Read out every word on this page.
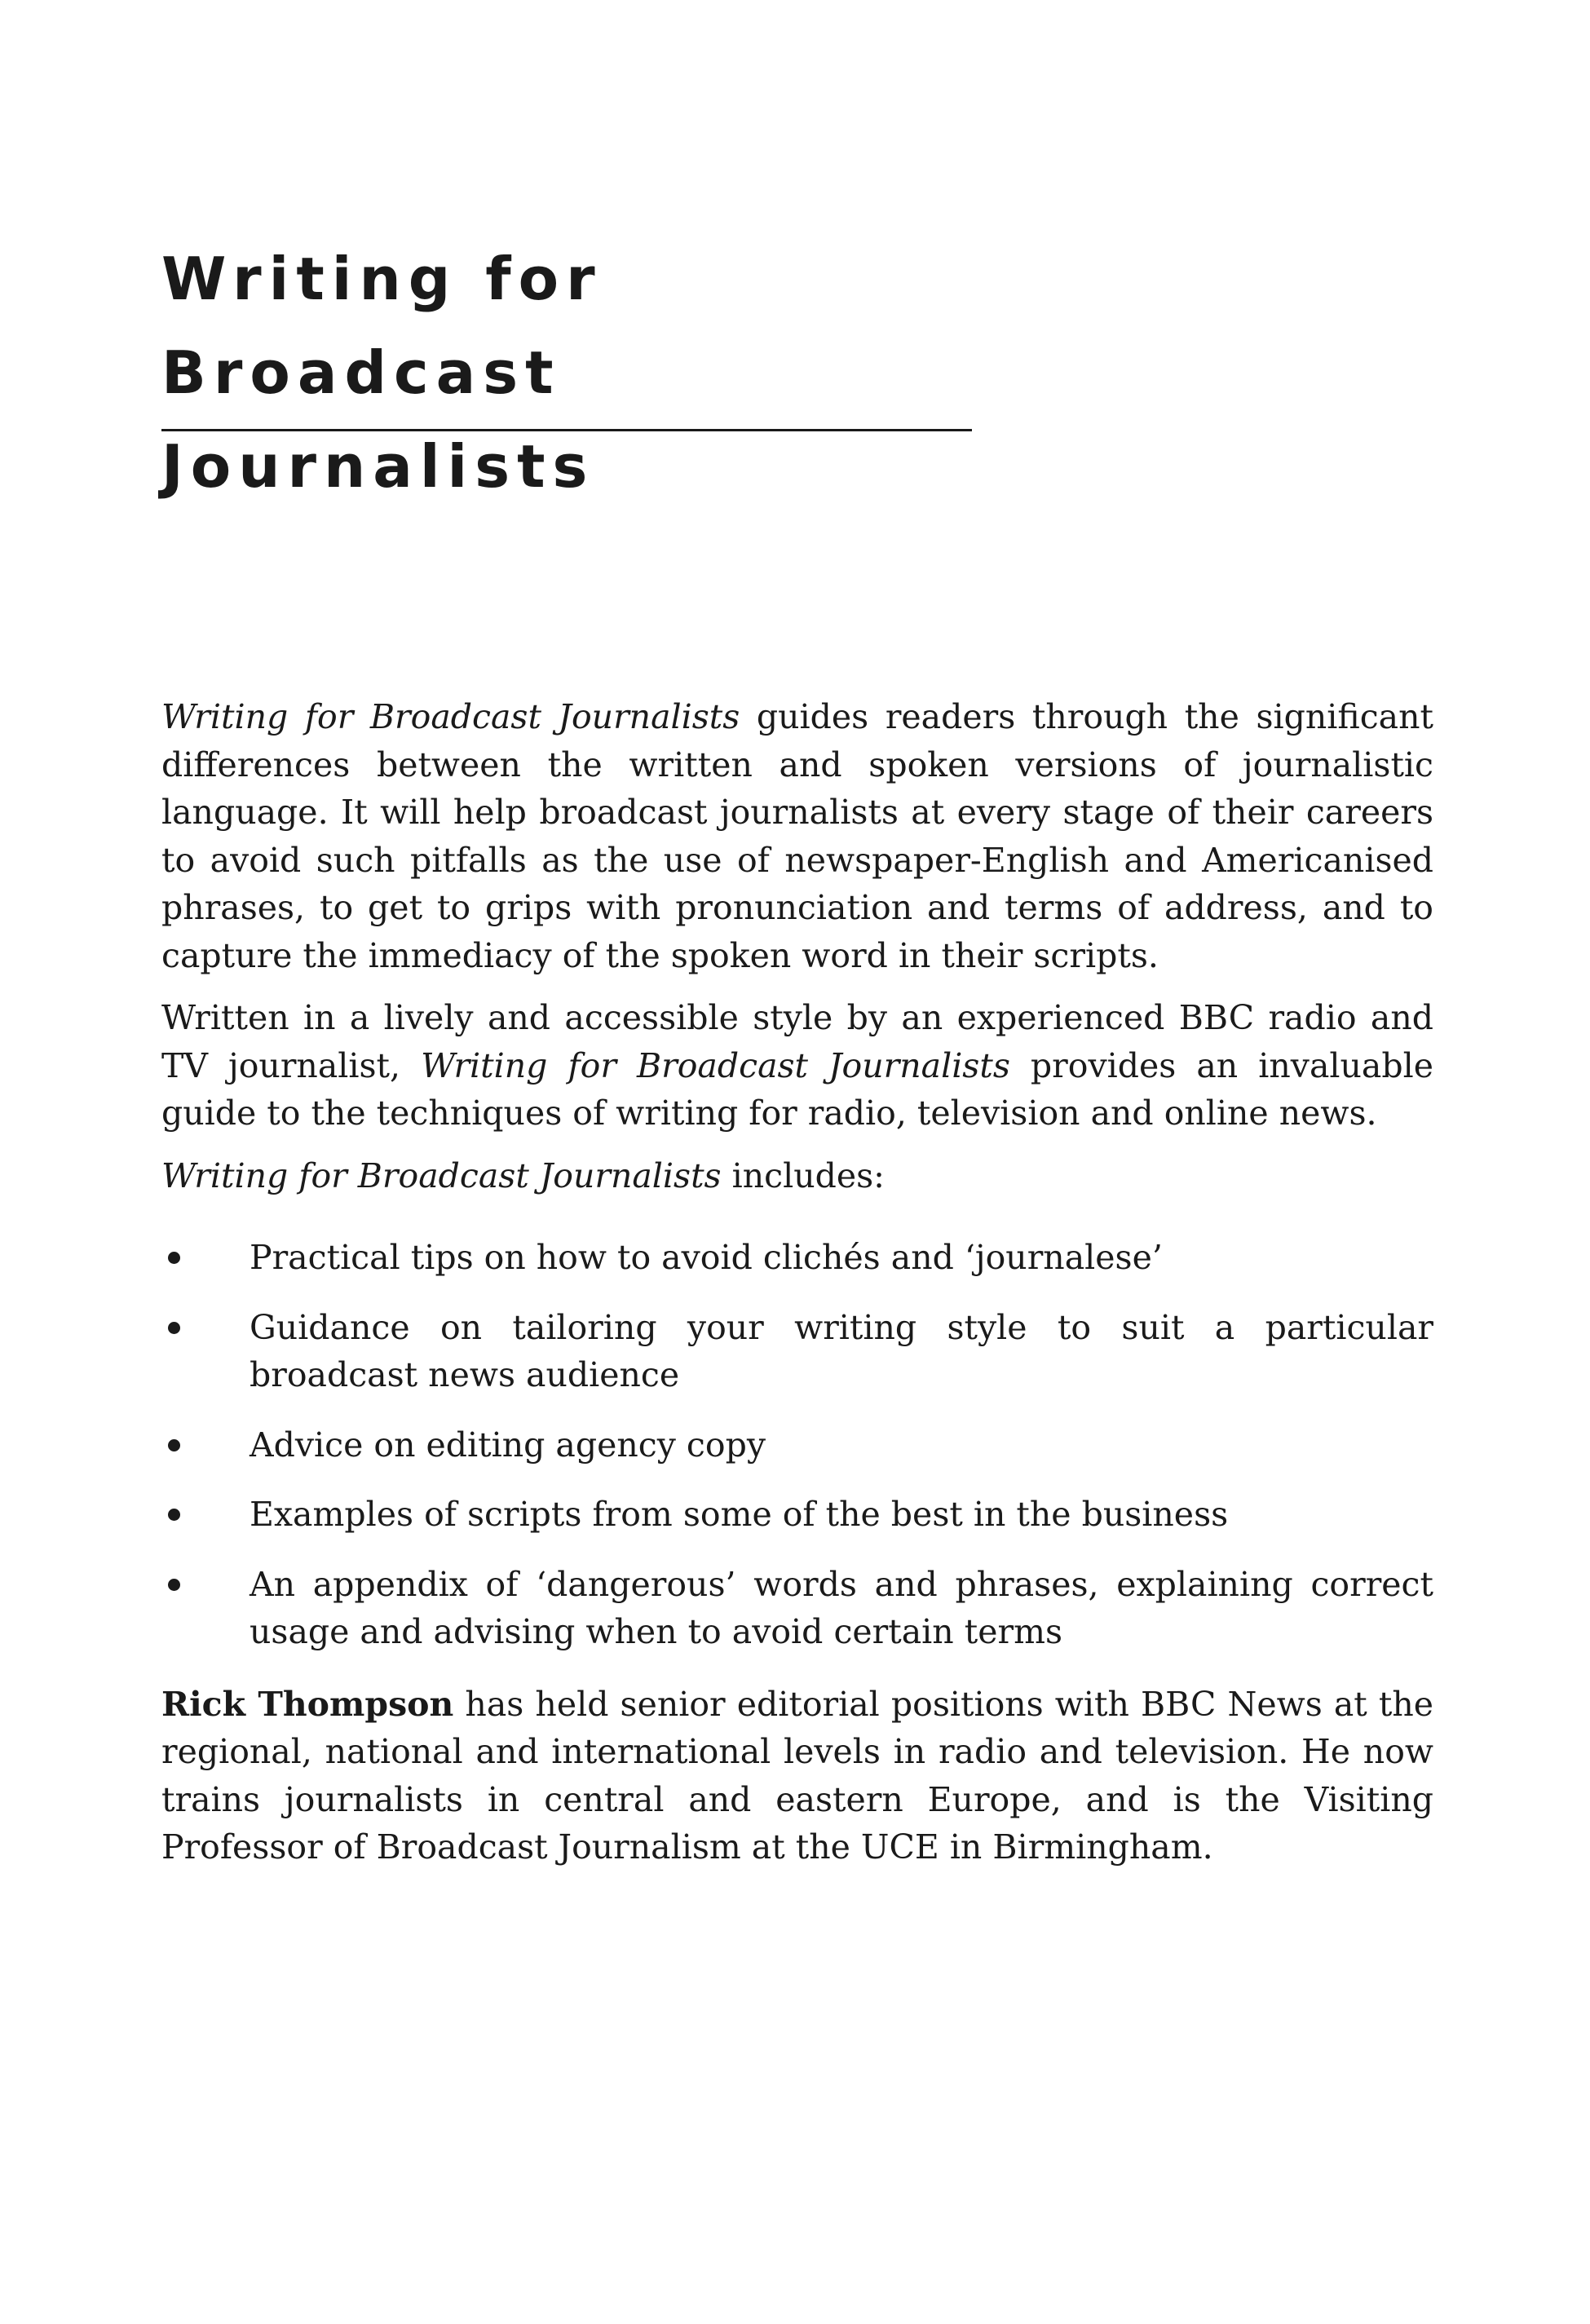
Writing for
Broadcast Journalists

Writing for Broadcast Journalists guides readers through the significant differences between the written and spoken versions of journalistic language. It will help broadcast journalists at every stage of their careers to avoid such pitfalls as the use of newspaper-English and Americanised phrases, to get to grips with pronunciation and terms of address, and to capture the immediacy of the spoken word in their scripts.

Written in a lively and accessible style by an experienced BBC radio and TV journalist, Writing for Broadcast Journalists provides an invaluable guide to the techniques of writing for radio, television and online news.

Writing for Broadcast Journalists includes:

Practical tips on how to avoid clichés and ‘journalese’
Guidance on tailoring your writing style to suit a particular broadcast news audience
Advice on editing agency copy
Examples of scripts from some of the best in the business
An appendix of ‘dangerous’ words and phrases, explaining correct usage and advising when to avoid certain terms

Rick Thompson has held senior editorial positions with BBC News at the regional, national and international levels in radio and television. He now trains journalists in central and eastern Europe, and is the Visiting Professor of Broadcast Journalism at the UCE in Birmingham.
